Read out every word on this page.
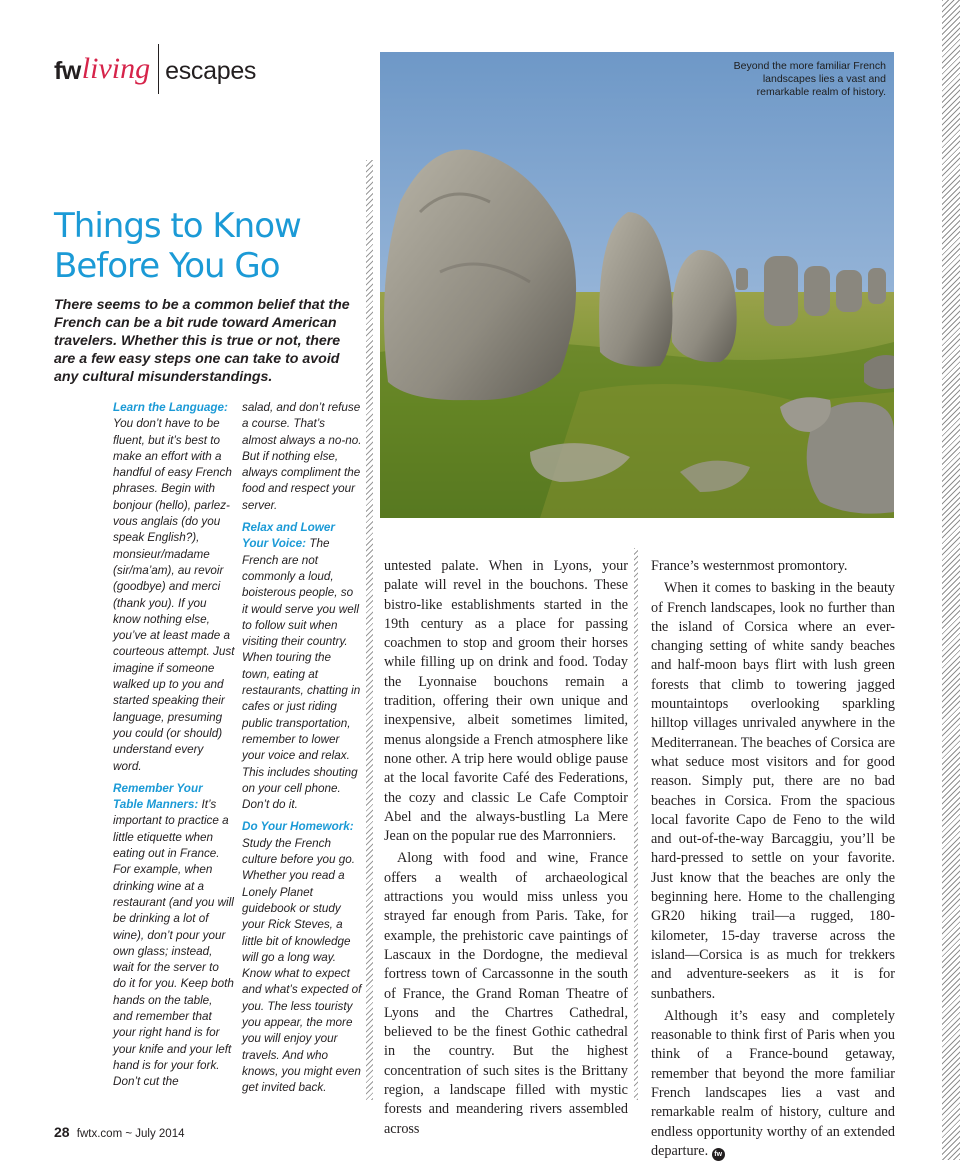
fw living escapes	Beyond the more familiar French landscapes lies a vast and remarkable realm of history.
Things to Know Before You Go
There seems to be a common belief that the French can be a bit rude toward American travelers. Whether this is true or not, there are a few easy steps one can take to avoid any cultural misunderstandings.

Learn the Language: You don’t have to be fluent, but it’s best to make an effort with a handful of easy French phrases. Begin with bonjour (hello), parlez-vous anglais (do you speak English?), monsieur/madame (sir/ma’am), au revoir (goodbye) and merci (thank you). If you know nothing else, you’ve at least made a courteous attempt. Just imagine if someone walked up to you and started speaking their language, presuming you could (or should) understand every word.

Remember Your Table Manners: It’s important to practice a little etiquette when eating out in France. For example, when drinking wine at a restaurant (and you will be drinking a lot of wine), don’t pour your own glass; instead, wait for the server to do it for you. Keep both hands on the table, and remember that your right hand is for your knife and your left hand is for your fork. Don’t cut the

salad, and don’t refuse a course. That’s almost always a no-no. But if nothing else, always compliment the food and respect your server.

Relax and Lower Your Voice: The French are not commonly a loud, boisterous people, so it would serve you well to follow suit when visiting their country. When touring the town, eating at restaurants, chatting in cafes or just riding public transportation, remember to lower your voice and relax. This includes shouting on your cell phone. Don’t do it.

Do Your Homework: Study the French culture before you go. Whether you read a Lonely Planet guidebook or study your Rick Steves, a little bit of knowledge will go a long way. Know what to expect and what’s expected of you. The less touristy you appear, the more you will enjoy your travels. And who knows, you might even get invited back.

untested palate. When in Lyons, your palate will revel in the bouchons. These bistro-like establishments started in the 19th century as a place for passing coachmen to stop and groom their horses while filling up on drink and food. Today the Lyonnaise bouchons remain a tradition, offering their own unique and inexpensive, albeit sometimes limited, menus alongside a French atmosphere like none other. A trip here would oblige pause at the local favorite Café des Federations, the cozy and classic Le Cafe Comptoir Abel and the always-bustling La Mere Jean on the popular rue des Marronniers.

Along with food and wine, France offers a wealth of archaeological attractions you would miss unless you strayed far enough from Paris. Take, for example, the prehistoric cave paintings of Lascaux in the Dordogne, the medieval fortress town of Carcassonne in the south of France, the Grand Roman Theatre of Lyons and the Chartres Cathedral, believed to be the finest Gothic cathedral in the country. But the highest concentration of such sites is the Brittany region, a landscape filled with mystic forests and meandering rivers assembled across

France’s westernmost promontory.

When it comes to basking in the beauty of French landscapes, look no further than the island of Corsica where an ever-changing setting of white sandy beaches and half-moon bays flirt with lush green forests that climb to towering jagged mountaintops overlooking sparkling hilltop villages unrivaled anywhere in the Mediterranean. The beaches of Corsica are what seduce most visitors and for good reason. Simply put, there are no bad beaches in Corsica. From the spacious local favorite Capo de Feno to the wild and out-of-the-way Barcaggiu, you’ll be hard-pressed to settle on your favorite. Just know that the beaches are only the beginning here. Home to the challenging GR20 hiking trail—a rugged, 180-kilometer, 15-day traverse across the island—Corsica is as much for trekkers and adventure-seekers as it is for sunbathers.

Although it’s easy and completely reasonable to think first of Paris when you think of a France-bound getaway, remember that beyond the more familiar French landscapes lies a vast and remarkable realm of history, culture and endless opportunity worthy of an extended departure. fw

28 fwtx.com ~ July 2014
